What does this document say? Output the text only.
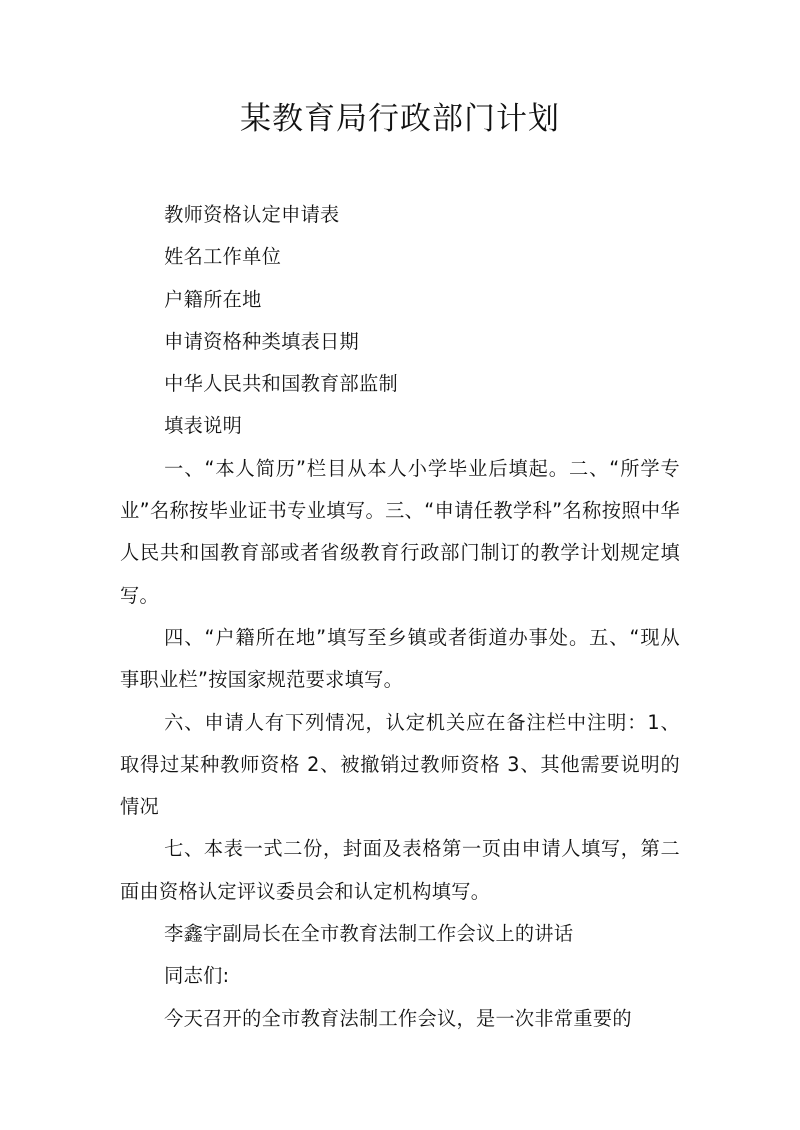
某教育局行政部门计划

教师资格认定申请表

姓名工作单位

户籍所在地

申请资格种类填表日期

中华人民共和国教育部监制

填表说明

一、“本人简历”栏目从本人小学毕业后填起。二、“所学专业”名称按毕业证书专业填写。三、“申请任教学科”名称按照中华人民共和国教育部或者省级教育行政部门制订的教学计划规定填写。

四、“户籍所在地”填写至乡镇或者街道办事处。五、“现从事职业栏”按国家规范要求填写。

六、申请人有下列情况，认定机关应在备注栏中注明：1、取得过某种教师资格 2、被撤销过教师资格 3、其他需要说明的情况

七、本表一式二份，封面及表格第一页由申请人填写，第二面由资格认定评议委员会和认定机构填写。

李鑫宇副局长在全市教育法制工作会议上的讲话

同志们:

今天召开的全市教育法制工作会议，是一次非常重要的
